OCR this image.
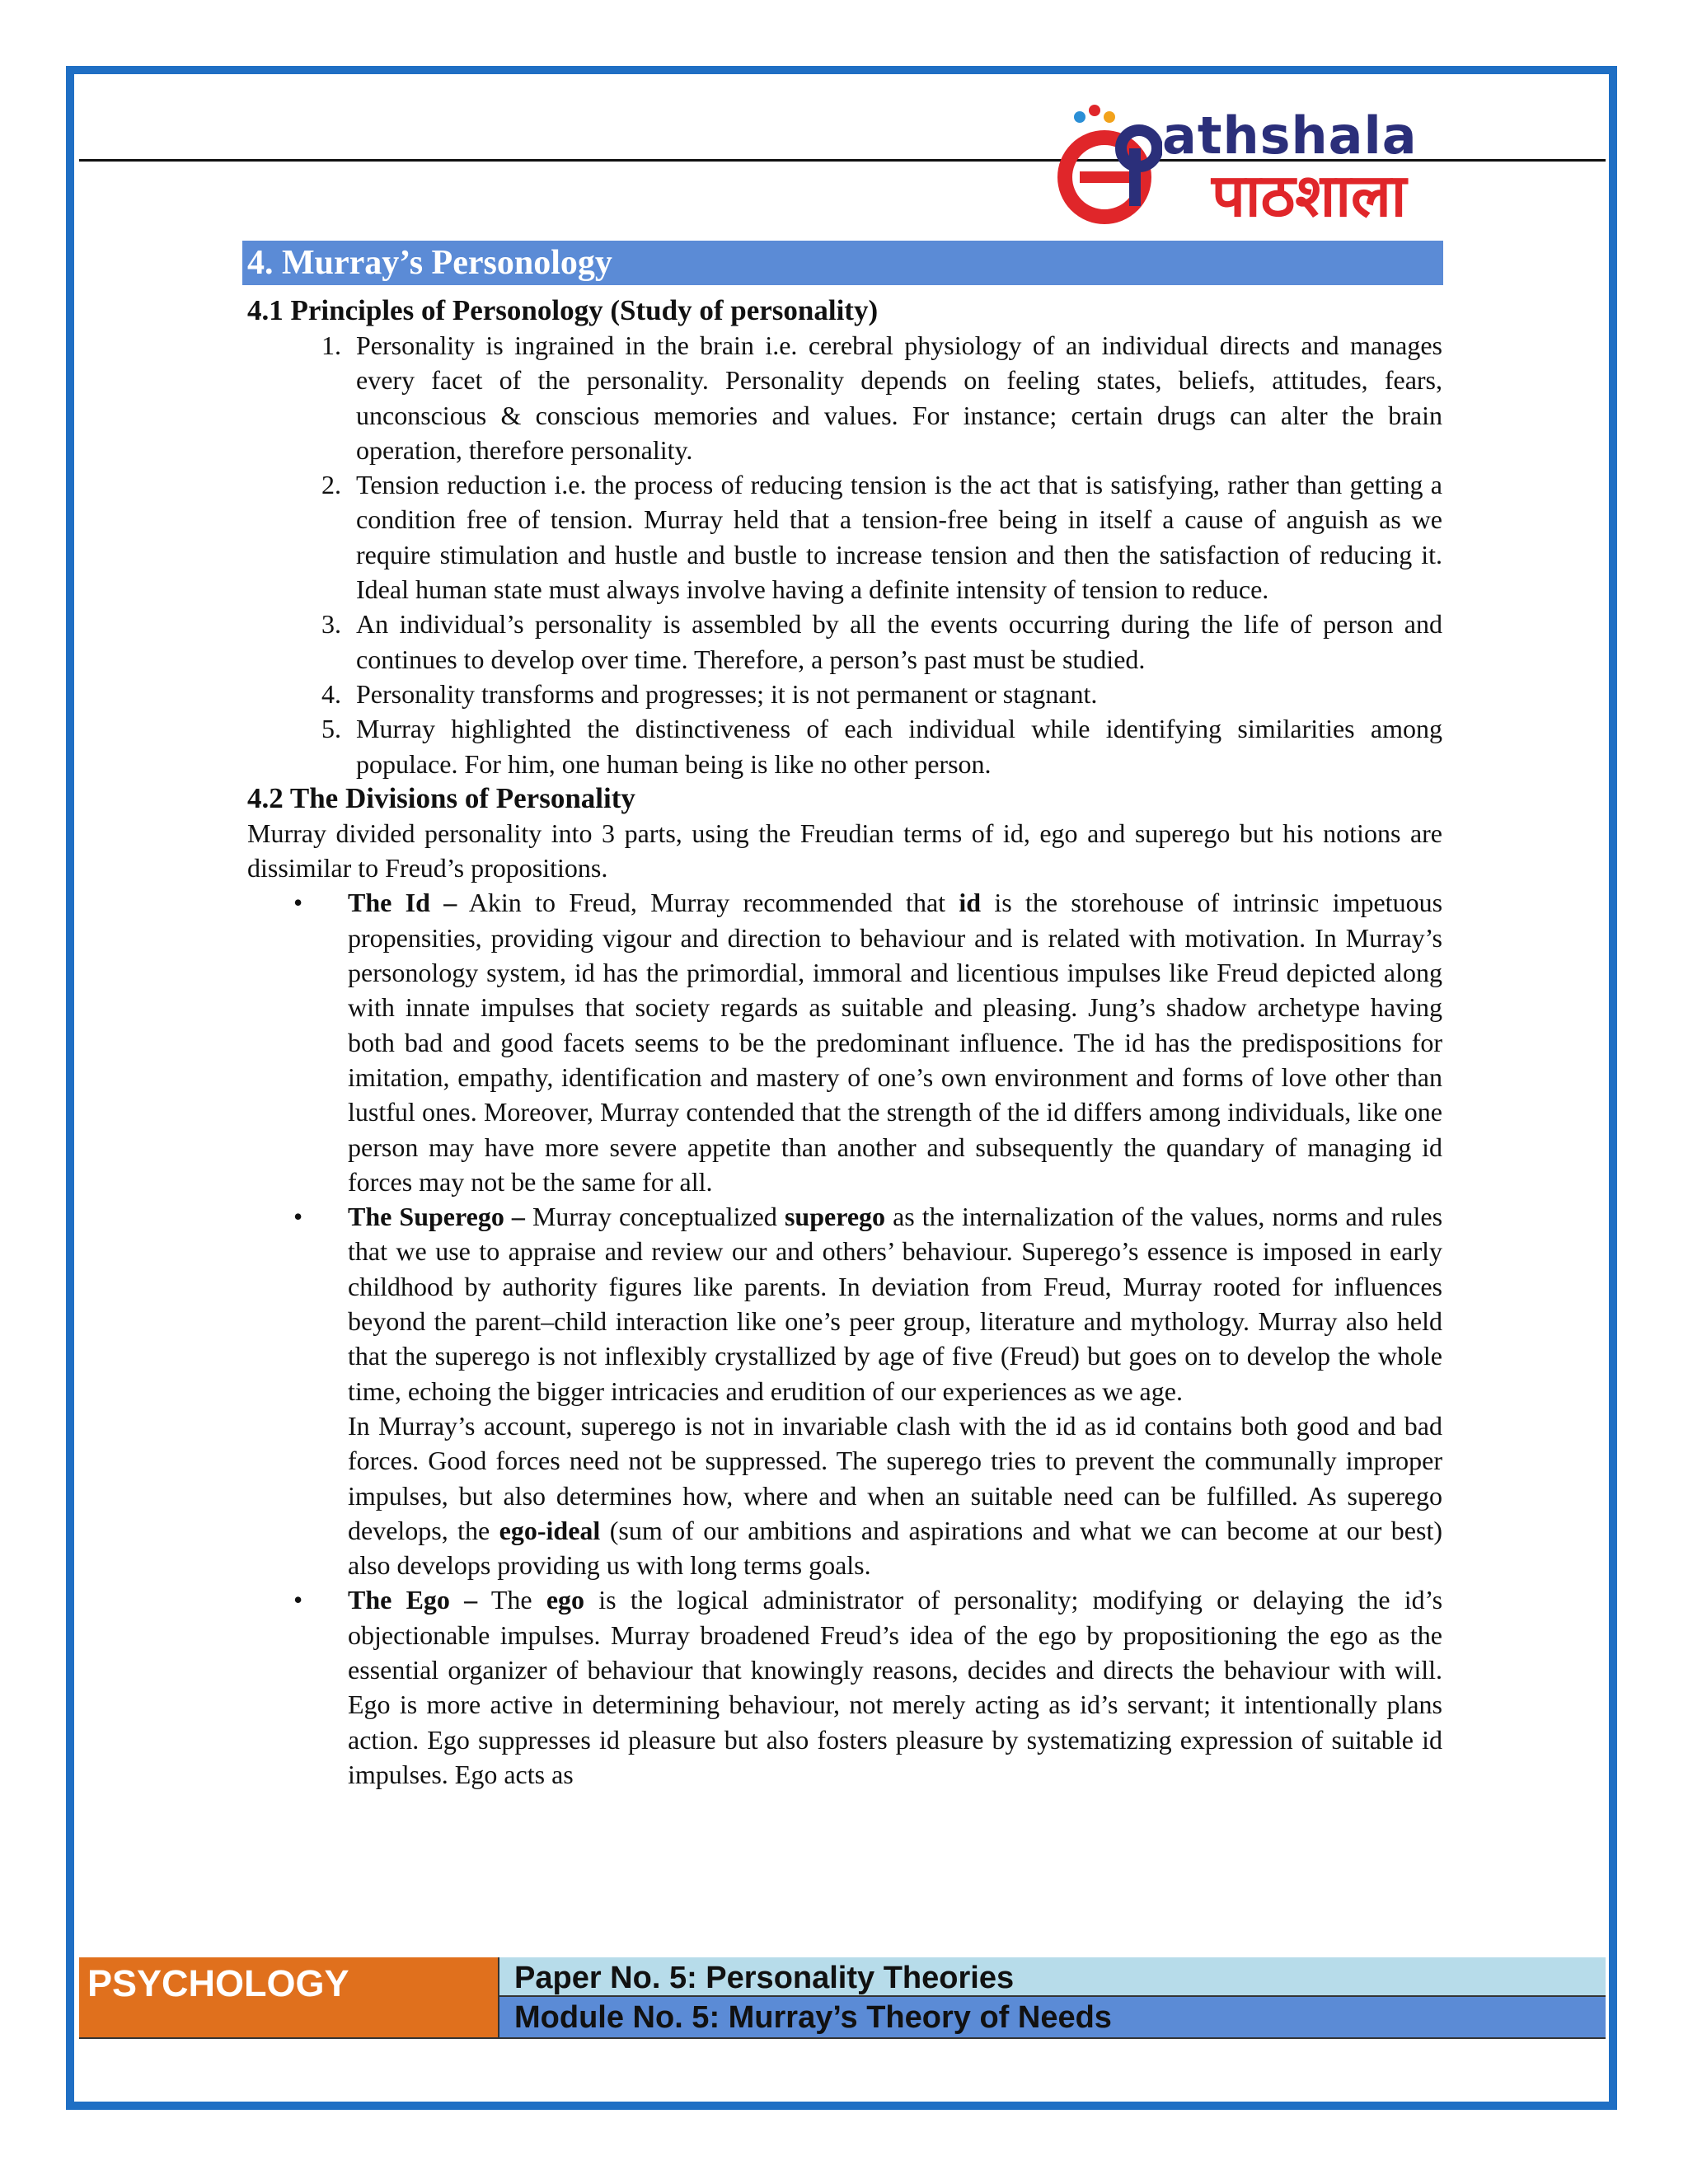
athshala
पाठशाला
4. Murray’s Personology
4.1 Principles of Personology (Study of personality)
1. Personality is ingrained in the brain i.e. cerebral physiology of an individual directs and manages every facet of the personality. Personality depends on feeling states, beliefs, attitudes, fears, unconscious & conscious memories and values. For instance; certain drugs can alter the brain operation, therefore personality.
2. Tension reduction i.e. the process of reducing tension is the act that is satisfying, rather than getting a condition free of tension. Murray held that a tension-free being in itself a cause of anguish as we require stimulation and hustle and bustle to increase tension and then the satisfaction of reducing it. Ideal human state must always involve having a definite intensity of tension to reduce.
3. An individual’s personality is assembled by all the events occurring during the life of person and continues to develop over time. Therefore, a person’s past must be studied.
4. Personality transforms and progresses; it is not permanent or stagnant.
5. Murray highlighted the distinctiveness of each individual while identifying similarities among populace. For him, one human being is like no other person.
4.2 The Divisions of Personality

Murray divided personality into 3 parts, using the Freudian terms of id, ego and superego but his notions are dissimilar to Freud’s propositions.

• The Id – Akin to Freud, Murray recommended that id is the storehouse of intrinsic impetuous propensities, providing vigour and direction to behaviour and is related with motivation. In Murray’s personology system, id has the primordial, immoral and licentious impulses like Freud depicted along with innate impulses that society regards as suitable and pleasing. Jung’s shadow archetype having both bad and good facets seems to be the predominant influence. The id has the predispositions for imitation, empathy, identification and mastery of one’s own environment and forms of love other than lustful ones. Moreover, Murray contended that the strength of the id differs among individuals, like one person may have more severe appetite than another and subsequently the quandary of managing id forces may not be the same for all.
• The Superego – Murray conceptualized superego as the internalization of the values, norms and rules that we use to appraise and review our and others’ behaviour. Superego’s essence is imposed in early childhood by authority figures like parents. In deviation from Freud, Murray rooted for influences beyond the parent–child interaction like one’s peer group, literature and mythology. Murray also held that the superego is not inflexibly crystallized by age of five (Freud) but goes on to develop the whole time, echoing the bigger intricacies and erudition of our experiences as we age.
In Murray’s account, superego is not in invariable clash with the id as id contains both good and bad forces. Good forces need not be suppressed. The superego tries to prevent the communally improper impulses, but also determines how, where and when an suitable need can be fulfilled. As superego develops, the ego-ideal (sum of our ambitions and aspirations and what we can become at our best) also develops providing us with long terms goals.
• The Ego – The ego is the logical administrator of personality; modifying or delaying the id’s objectionable impulses. Murray broadened Freud’s idea of the ego by propositioning the ego as the essential organizer of behaviour that knowingly reasons, decides and directs the behaviour with will. Ego is more active in determining behaviour, not merely acting as id’s servant; it intentionally plans action. Ego suppresses id pleasure but also fosters pleasure by systematizing expression of suitable id impulses. Ego acts as
PSYCHOLOGY	Paper No. 5: Personality Theories
Module No. 5: Murray’s Theory of Needs
